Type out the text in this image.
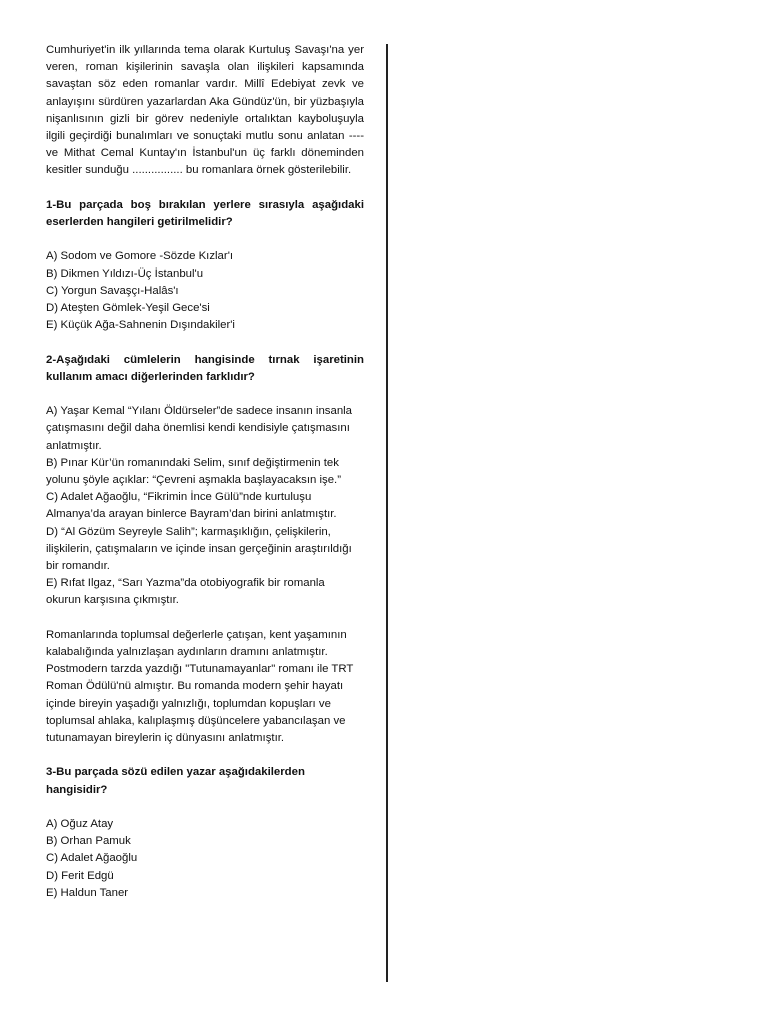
Cumhuriyet'in ilk yıllarında tema olarak Kurtuluş Savaşı'na yer veren, roman kişilerinin savaşla olan ilişkileri kapsamında savaştan söz eden romanlar vardır. Millî Edebiyat zevk ve anlayışını sürdüren yazarlardan Aka Gündüz'ün, bir yüzbaşıyla nişanlısının gizli bir görev nedeniyle ortalıktan kayboluşuyla ilgili geçirdiği bunalımları ve sonuçtaki mutlu sonu anlatan ---- ve Mithat Cemal Kuntay'ın İstanbul'un üç farklı döneminden kesitler sunduğu ................ bu romanlara örnek gösterilebilir.

1-Bu parçada boş bırakılan yerlere sırasıyla aşağıdaki eserlerden hangileri getirilmelidir?

A) Sodom ve Gomore -Sözde Kızlar'ı
B) Dikmen Yıldızı-Üç İstanbul'u
C) Yorgun Savaşçı-Halâs'ı
D) Ateşten Gömlek-Yeşil Gece'si
E) Küçük Ağa-Sahnenin Dışındakiler'i

2-Aşağıdaki cümlelerin hangisinde tırnak işaretinin kullanım amacı diğerlerinden farklıdır?

A) Yaşar Kemal “Yılanı Öldürseler”de sadece insanın insanla
çatışmasını değil daha önemlisi kendi kendisiyle çatışmasını
anlatmıştır.
B) Pınar Kür’ün romanındaki Selim, sınıf değiştirmenin tek
yolunu şöyle açıklar: “Çevreni aşmakla başlayacaksın işe.”
C) Adalet Ağaoğlu, “Fikrimin İnce Gülü”nde kurtuluşu
Almanya’da arayan binlerce Bayram’dan birini anlatmıştır.
D) “Al Gözüm Seyreyle Salih”; karmaşıklığın, çelişkilerin,
ilişkilerin, çatışmaların ve içinde insan gerçeğinin araştırıldığı
bir romandır.
E) Rıfat Ilgaz, “Sarı Yazma”da otobiyografik bir romanla
okurun karşısına çıkmıştır.
Romanlarında toplumsal değerlerle çatışan, kent yaşamının
kalabalığında yalnızlaşan aydınların dramını anlatmıştır.
Postmodern tarzda yazdığı "Tutunamayanlar" romanı ile TRT
Roman Ödülü'nü almıştır. Bu romanda modern şehir hayatı
içinde bireyin yaşadığı yalnızlığı, toplumdan kopuşları ve
toplumsal ahlaka, kalıplaşmış düşüncelere yabancılaşan ve
tutunamayan bireylerin iç dünyasını anlatmıştır.

3-Bu parçada sözü edilen yazar aşağıdakilerden hangisidir?

A) Oğuz Atay
B) Orhan Pamuk
C) Adalet Ağaoğlu
D) Ferit Edgü
E) Haldun Taner
